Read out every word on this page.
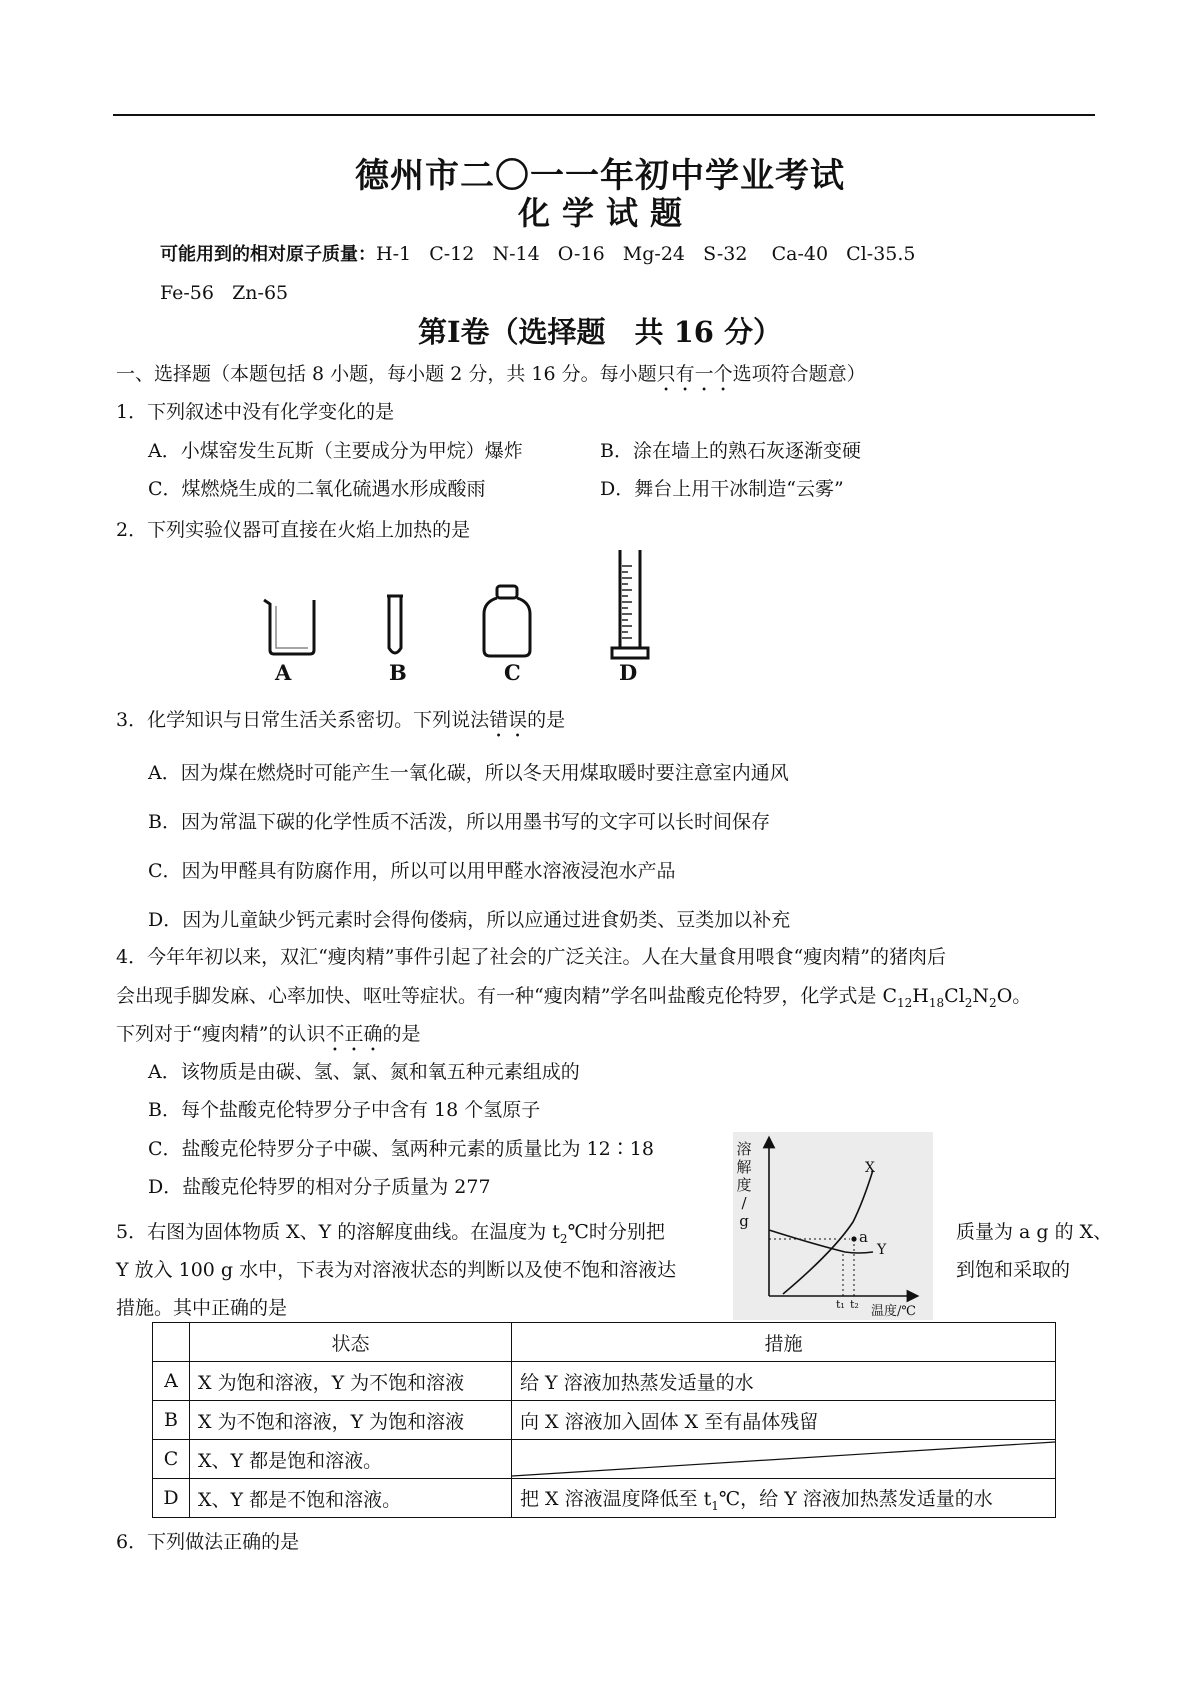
德州市二〇一一年初中学业考试
化 学 试 题
可能用到的相对原子质量：H-1   C-12   N-14   O-16   Mg-24   S-32    Ca-40   Cl-35.5
Fe-56   Zn-65
第Ⅰ卷（选择题　共 16 分）
一、选择题（本题包括 8 小题，每小题 2 分，共 16 分。每小题只有一个选项符合题意）
1．下列叙述中没有化学变化的是
A．小煤窑发生瓦斯（主要成分为甲烷）爆炸	B．涂在墙上的熟石灰逐渐变硬
C．煤燃烧生成的二氧化硫遇水形成酸雨	D．舞台上用干冰制造“云雾”
2．下列实验仪器可直接在火焰上加热的是
A	B	C	D
3．化学知识与日常生活关系密切。下列说法错误的是
A．因为煤在燃烧时可能产生一氧化碳，所以冬天用煤取暖时要注意室内通风
B．因为常温下碳的化学性质不活泼，所以用墨书写的文字可以长时间保存
C．因为甲醛具有防腐作用，所以可以用甲醛水溶液浸泡水产品
D．因为儿童缺少钙元素时会得佝偻病，所以应通过进食奶类、豆类加以补充
4．今年年初以来，双汇“瘦肉精”事件引起了社会的广泛关注。人在大量食用喂食“瘦肉精”的猪肉后
会出现手脚发麻、心率加快、呕吐等症状。有一种“瘦肉精”学名叫盐酸克伦特罗，化学式是 $C_{12}H_{18}Cl_2N_2O$。
下列对于“瘦肉精”的认识不正确的是
A．该物质是由碳、氢、氯、氮和氧五种元素组成的
B．每个盐酸克伦特罗分子中含有 18 个氢原子
C．盐酸克伦特罗分子中碳、氢两种元素的质量比为 12∶18
D．盐酸克伦特罗的相对分子质量为 277
5．右图为固体物质 X、Y 的溶解度曲线。在温度为 $t_2℃$时分别把	质量为 a g 的 X、
Y 放入 100 g 水中，下表为对溶液状态的判断以及使不饱和溶液达	到饱和采取的
措施。其中正确的是
溶
解
度
/
g
X
Y
a
t₁ t₂ 温度/℃
	状态	措施
A	X 为饱和溶液，Y 为不饱和溶液	给 Y 溶液加热蒸发适量的水
B	X 为不饱和溶液，Y 为饱和溶液	向 X 溶液加入固体 X 至有晶体残留
C	X、Y 都是饱和溶液。	

D	X、Y 都是不饱和溶液。	把 X 溶液温度降低至 $t_1℃$，给 Y 溶液加热蒸发适量的水
6．下列做法正确的是
